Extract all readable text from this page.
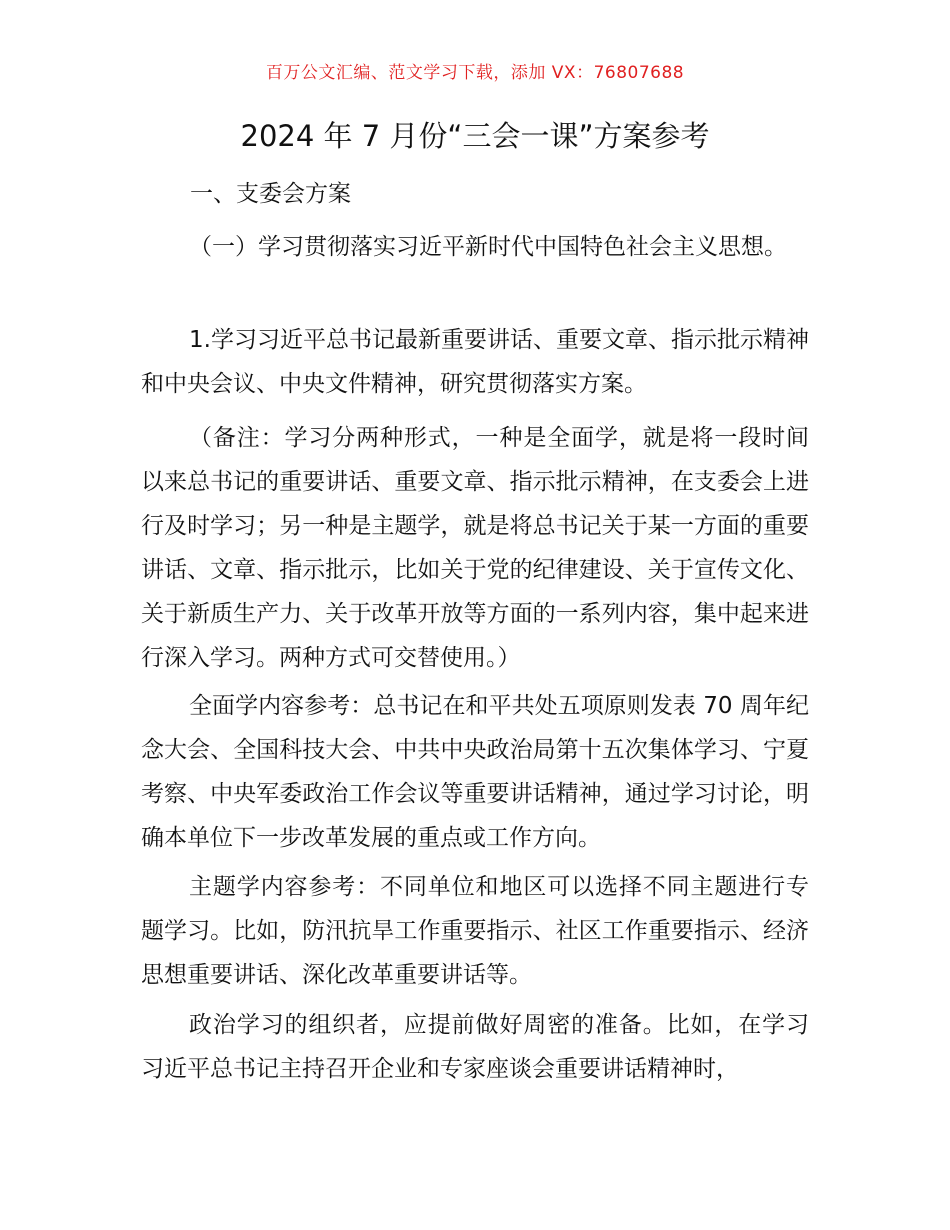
百万公文汇编、范文学习下载，添加 VX：76807688
2024 年 7 月份“三会一课”方案参考
一、支委会方案

（一）学习贯彻落实习近平新时代中国特色社会主义思想。

1.学习习近平总书记最新重要讲话、重要文章、指示批示精神和中央会议、中央文件精神，研究贯彻落实方案。

（备注：学习分两种形式，一种是全面学，就是将一段时间以来总书记的重要讲话、重要文章、指示批示精神，在支委会上进行及时学习；另一种是主题学，就是将总书记关于某一方面的重要讲话、文章、指示批示，比如关于党的纪律建设、关于宣传文化、关于新质生产力、关于改革开放等方面的一系列内容，集中起来进行深入学习。两种方式可交替使用。）

全面学内容参考：总书记在和平共处五项原则发表 70 周年纪念大会、全国科技大会、中共中央政治局第十五次集体学习、宁夏考察、中央军委政治工作会议等重要讲话精神，通过学习讨论，明确本单位下一步改革发展的重点或工作方向。

主题学内容参考：不同单位和地区可以选择不同主题进行专题学习。比如，防汛抗旱工作重要指示、社区工作重要指示、经济思想重要讲话、深化改革重要讲话等。

政治学习的组织者，应提前做好周密的准备。比如，在学习习近平总书记主持召开企业和专家座谈会重要讲话精神时，
